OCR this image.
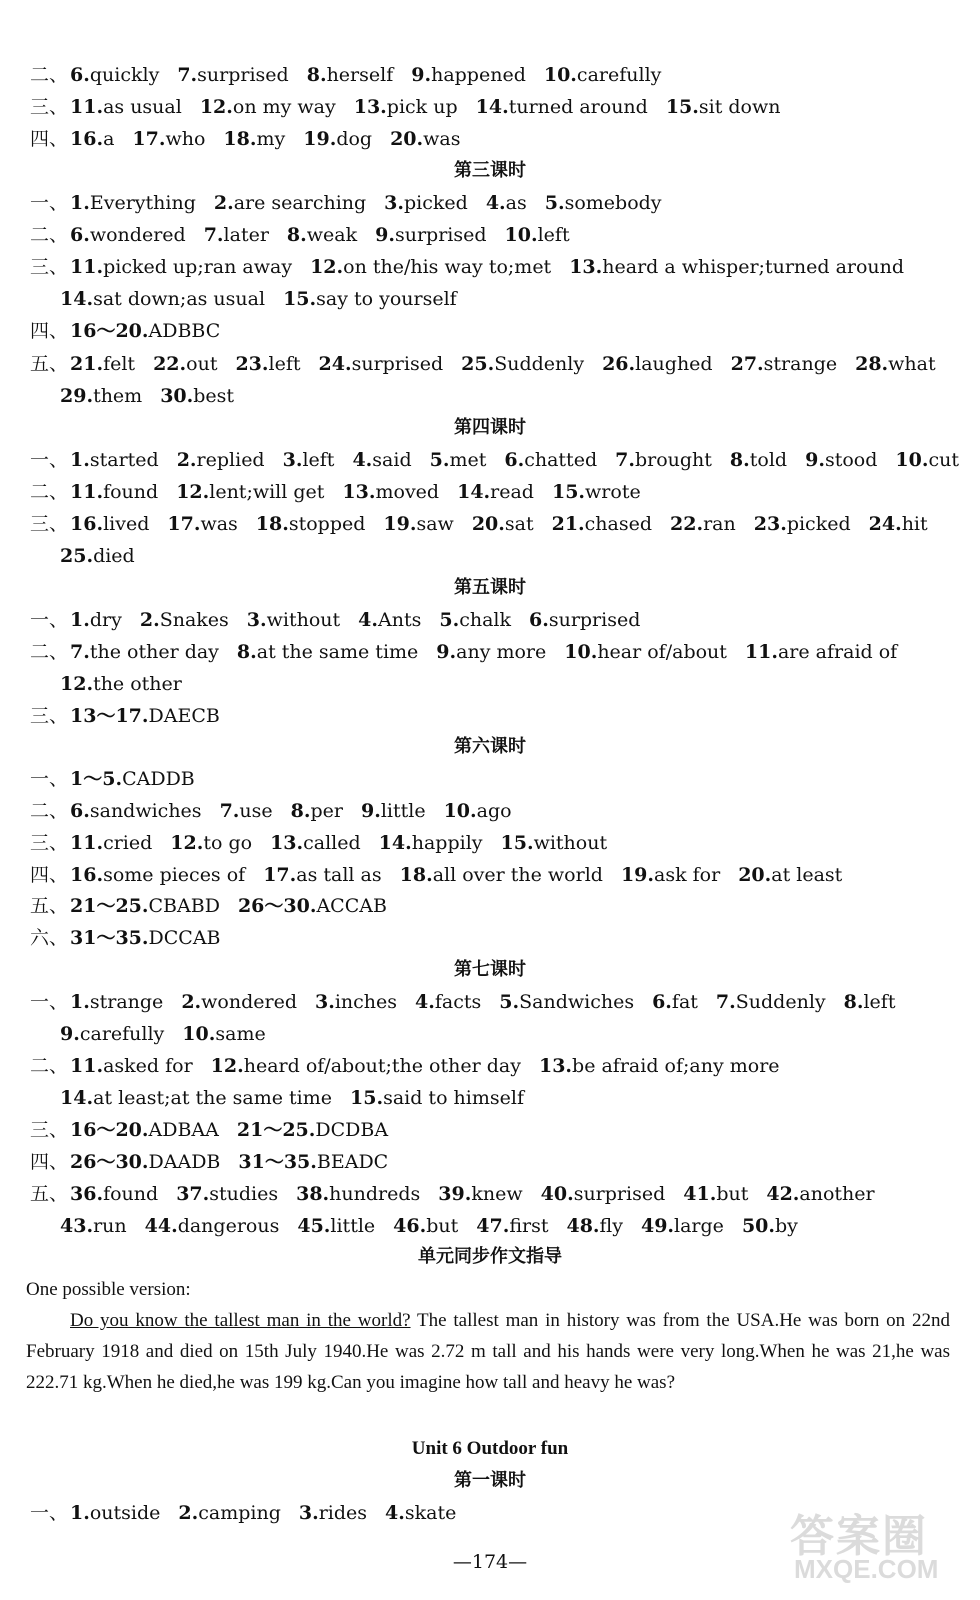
二、 6.quickly 7.surprised 8.herself 9.happened 10.carefully
三、 11.as usual 12.on my way 13.pick up 14.turned around 15.sit down
四、 16.a 17.who 18.my 19.dog 20.was
一、 1.Everything 2.are searching 3.picked 4.as 5.somebody
二、 6.wondered 7.later 8.weak 9.surprised 10.left
三、 11.picked up;ran away 12.on the/his way to;met 13.heard a whisper;turned around
14.sat down;as usual 15.say to yourself
四、 16～20.ADBBC
五、 21.felt 22.out 23.left 24.surprised 25.Suddenly 26.laughed 27.strange 28.what
29.them 30.best
一、 1.started 2.replied 3.left 4.said 5.met 6.chatted 7.brought 8.told 9.stood 10.cut
二、 11.found 12.lent;will get 13.moved 14.read 15.wrote
三、 16.lived 17.was 18.stopped 19.saw 20.sat 21.chased 22.ran 23.picked 24.hit
25.died
一、 1.dry 2.Snakes 3.without 4.Ants 5.chalk 6.surprised
二、 7.the other day 8.at the same time 9.any more 10.hear of/about 11.are afraid of
12.the other
三、 13～17.DAECB
一、 1～5.CADDB
二、 6.sandwiches 7.use 8.per 9.little 10.ago
三、 11.cried 12.to go 13.called 14.happily 15.without
四、 16.some pieces of 17.as tall as 18.all over the world 19.ask for 20.at least
五、 21～25.CBABD 26～30.ACCAB
六、 31～35.DCCAB
一、 1.strange 2.wondered 3.inches 4.facts 5.Sandwiches 6.fat 7.Suddenly 8.left
9.carefully 10.same
二、 11.asked for 12.heard of/about;the other day 13.be afraid of;any more
14.at least;at the same time 15.said to himself
三、 16～20.ADBAA 21～25.DCDBA
四、 26～30.DAADB 31～35.BEADC
五、 36.found 37.studies 38.hundreds 39.knew 40.surprised 41.but 42.another
43.run 44.dangerous 45.little 46.but 47.first 48.fly 49.large 50.by
一、 1.outside 2.camping 3.rides 4.skate
第三课时
第四课时
第五课时
第六课时
第七课时
单元同步作文指导

One possible version:

Do you know the tallest man in the world? The tallest man in history was from the USA.He was born on 22nd February 1918 and died on 15th July 1940.He was 2.72 m tall and his hands were very long.When he was 21,he was 222.71 kg.When he died,he was 199 kg.Can you imagine how tall and heavy he was?

Unit 6 Outdoor fun
第一课时
—174—
答案圈
MXQE.COM
